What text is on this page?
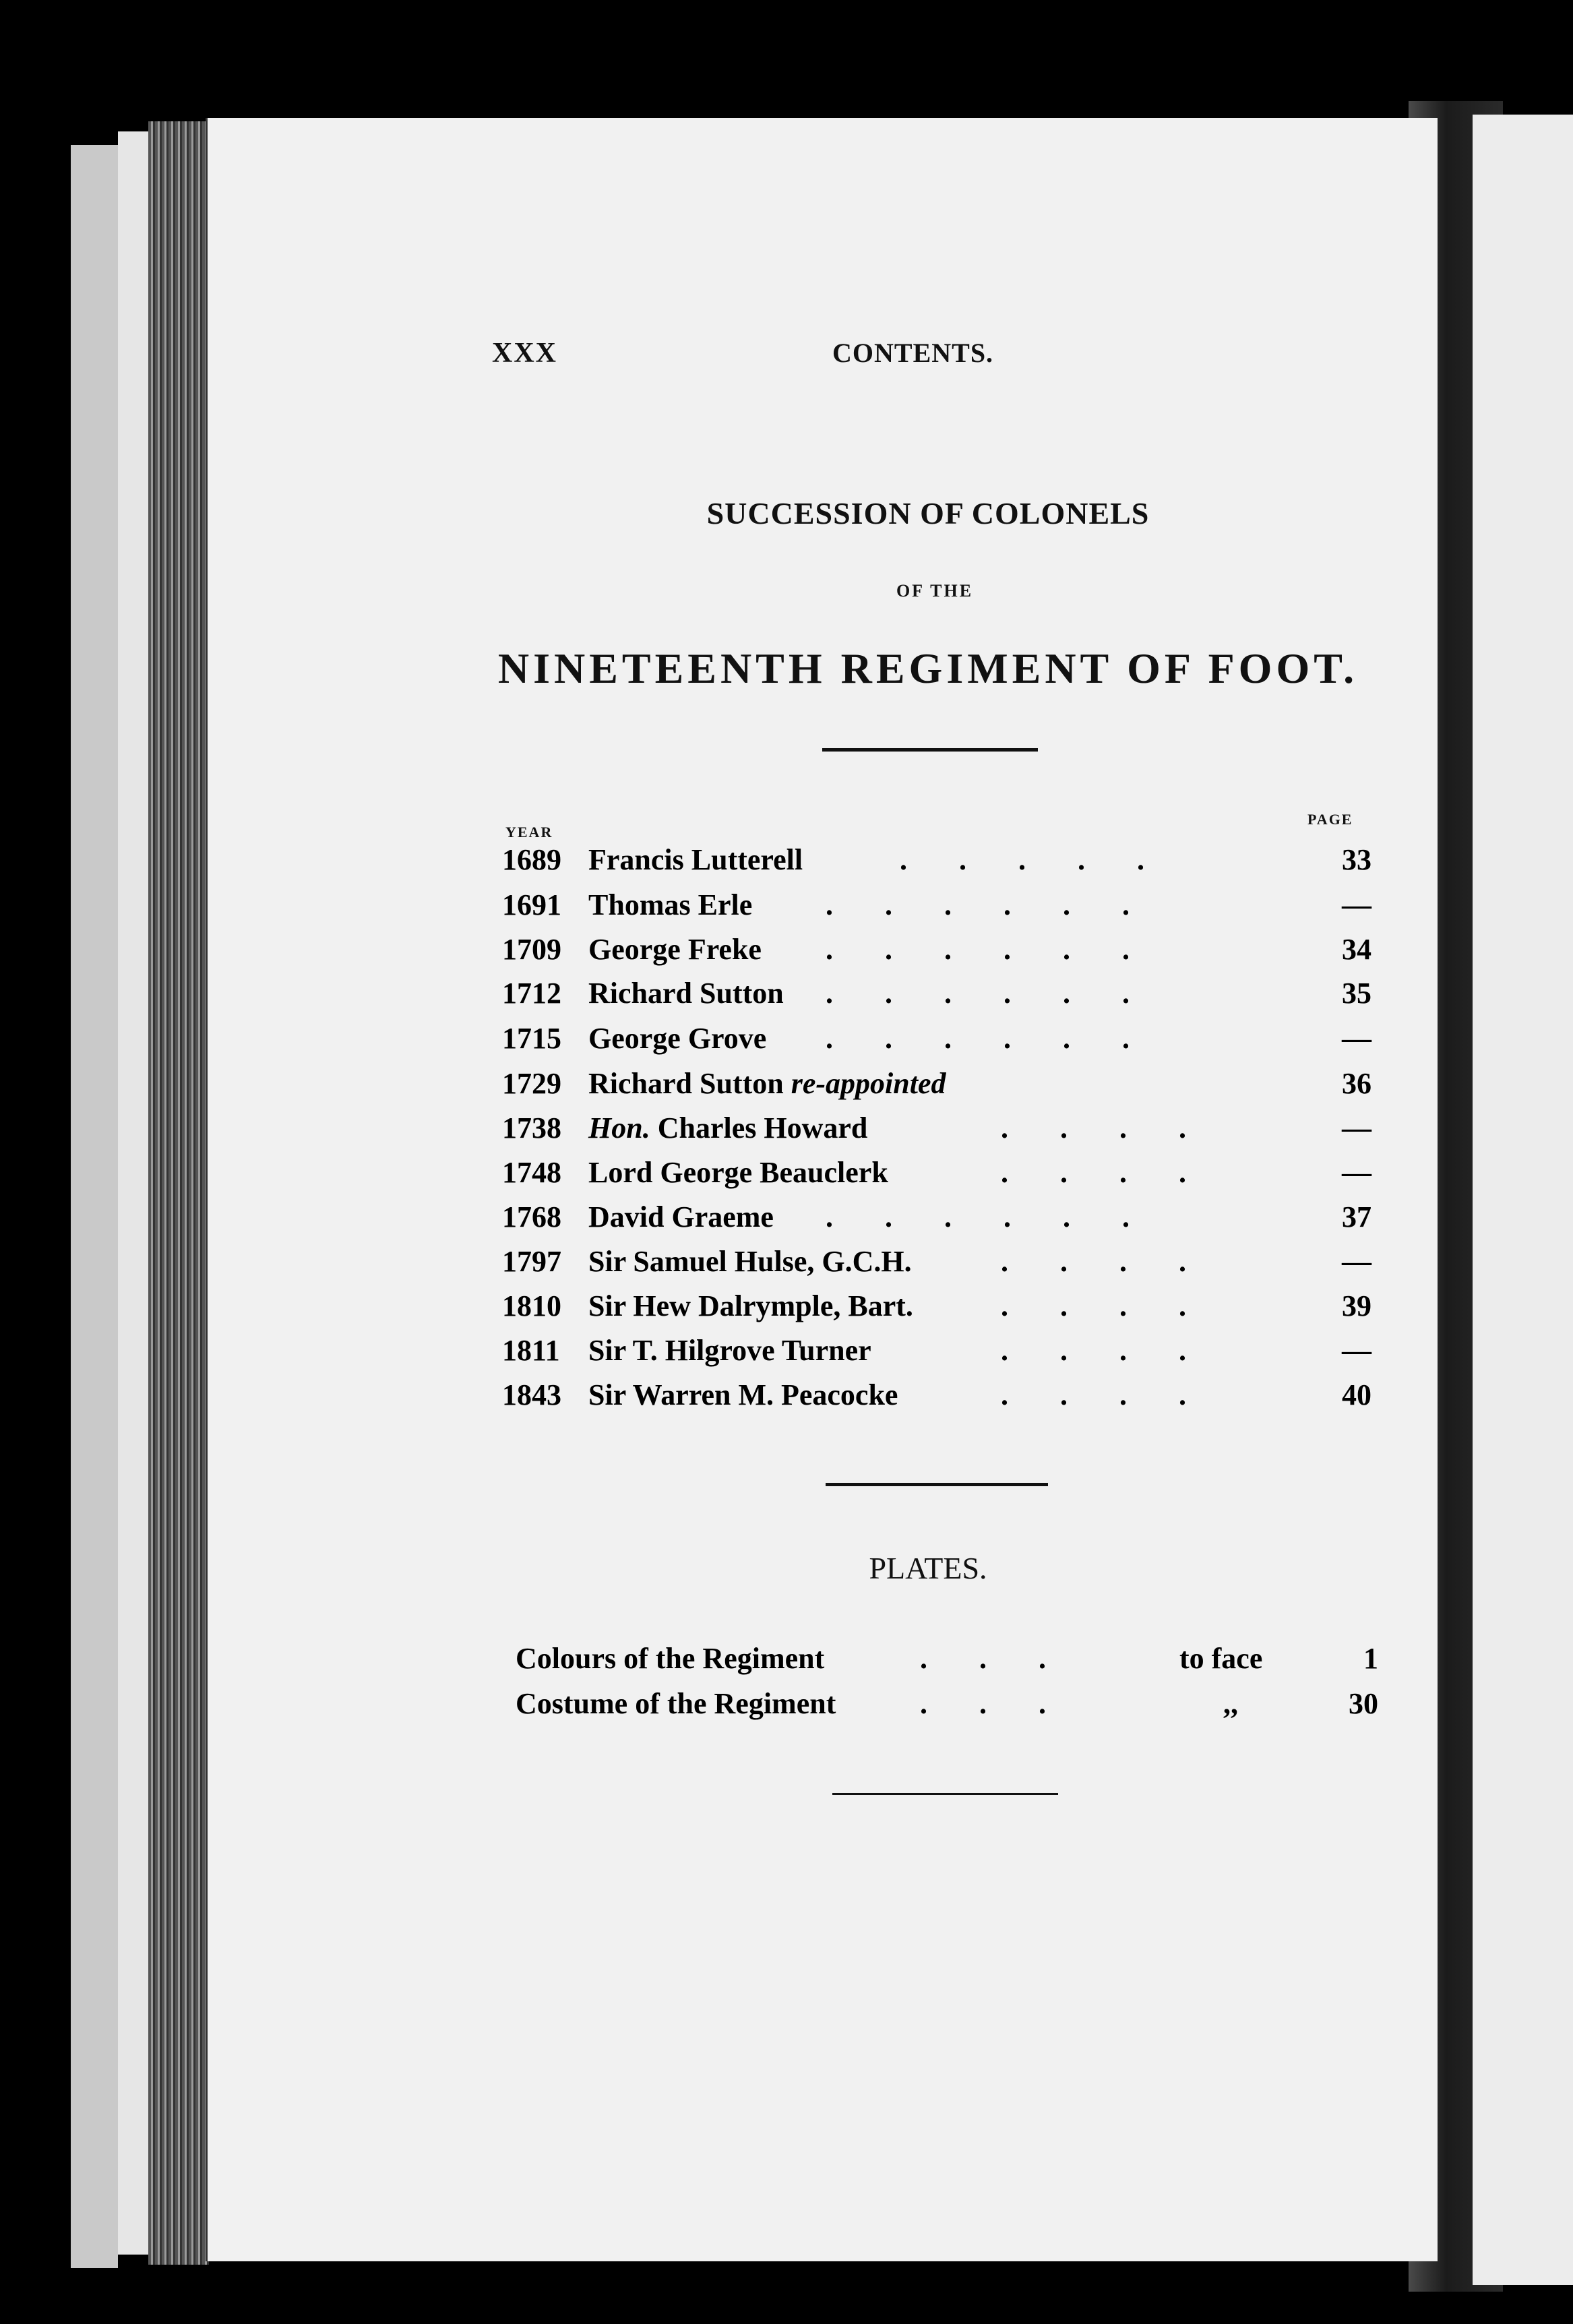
XXX	CONTENTS.
SUCCESSION OF COLONELS
OF THE
NINETEENTH REGIMENT OF FOOT.
YEAR
PAGE
1689 Francis Lutterell	.       .       .       .       .	33
1691 Thomas Erle .       .       .       .       .       .	—
1709 George Freke .       .       .       .       .       .	34
1712 Richard Sutton .       .       .       .       .       .	35
1715 George Grove .       .       .       .       .       .	—
1729 Richard Sutton re-appointed	36
1738 Hon. Charles Howard	.       .       .       .	—
1748 Lord George Beauclerk	.       .       .       .	—
1768 David Graeme .       .       .       .       .       .	37
1797 Sir Samuel Hulse, G.C.H.	.       .       .       .	—
1810 Sir Hew Dalrymple, Bart.	.       .       .       .	39
1811 Sir T. Hilgrove Turner	.       .       .       .	—
1843 Sir Warren M. Peacocke	.       .       .       .	40
PLATES.
Colours of the Regiment	.       .       .	to face	1
Costume of the Regiment	.       .       .	,,	30
